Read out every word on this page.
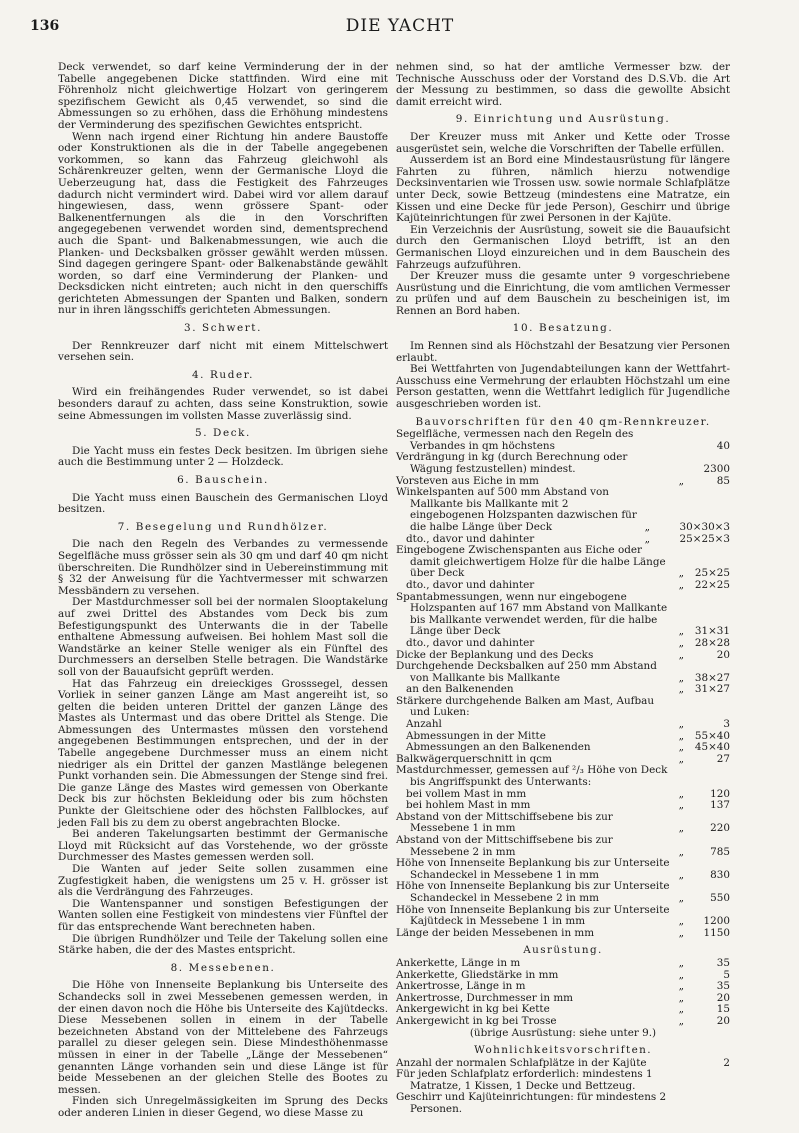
136	DIE YACHT

Deck verwendet, so darf keine Verminderung der in der Tabelle angegebenen Dicke stattfinden. Wird eine mit Föhrenholz nicht gleichwertige Holzart von geringerem spezifischem Gewicht als 0,45 verwendet, so sind die Abmessungen so zu erhöhen, dass die Erhöhung mindestens der Verminderung des spezifischen Gewichtes entspricht.

Wenn nach irgend einer Richtung hin andere Baustoffe oder Konstruktionen als die in der Tabelle angegebenen vorkommen, so kann das Fahrzeug gleichwohl als Schärenkreuzer gelten, wenn der Germanische Lloyd die Ueberzeugung hat, dass die Festigkeit des Fahrzeuges dadurch nicht vermindert wird. Dabei wird vor allem darauf hingewiesen, dass, wenn grössere Spant- oder Balkenentfernungen als die in den Vorschriften angegegebenen verwendet worden sind, dementsprechend auch die Spant- und Balkenabmessungen, wie auch die Planken- und Decksbalken grösser gewählt werden müssen. Sind dagegen geringere Spant- oder Balkenabstände gewählt worden, so darf eine Verminderung der Planken- und Decksdicken nicht eintreten; auch nicht in den querschiffs gerichteten Abmessungen der Spanten und Balken, sondern nur in ihren längsschiffs gerichteten Abmessungen.

3. Schwert.

Der Rennkreuzer darf nicht mit einem Mittelschwert versehen sein.

4. Ruder.

Wird ein freihängendes Ruder verwendet, so ist dabei besonders darauf zu achten, dass seine Konstruktion, sowie seine Abmessungen im vollsten Masse zuverlässig sind.

5. Deck.

Die Yacht muss ein festes Deck besitzen. Im übrigen siehe auch die Bestimmung unter 2 — Holzdeck.

6. Bauschein.

Die Yacht muss einen Bauschein des Germanischen Lloyd besitzen.

7. Besegelung und Rundhölzer.

Die nach den Regeln des Verbandes zu vermessende Segelfläche muss grösser sein als 30 qm und darf 40 qm nicht überschreiten. Die Rundhölzer sind in Uebereinstimmung mit § 32 der Anweisung für die Yachtvermesser mit schwarzen Messbändern zu versehen.

Der Mastdurchmesser soll bei der normalen Slooptakelung auf zwei Drittel des Abstandes vom Deck bis zum Befestigungspunkt des Unterwants die in der Tabelle enthaltene Abmessung aufweisen. Bei hohlem Mast soll die Wandstärke an keiner Stelle weniger als ein Fünftel des Durchmessers an derselben Stelle betragen. Die Wandstärke soll von der Bauaufsicht geprüft werden.

Hat das Fahrzeug ein dreieckiges Grosssegel, dessen Vorliek in seiner ganzen Länge am Mast angereiht ist, so gelten die beiden unteren Drittel der ganzen Länge des Mastes als Untermast und das obere Drittel als Stenge. Die Abmessungen des Untermastes müssen den vorstehend angegebenen Bestimmungen entsprechen, und der in der Tabelle angegebene Durchmesser muss an einem nicht niedriger als ein Drittel der ganzen Mastlänge belegenen Punkt vorhanden sein. Die Abmessungen der Stenge sind frei. Die ganze Länge des Mastes wird gemessen von Oberkante Deck bis zur höchsten Bekleidung oder bis zum höchsten Punkte der Gleitschiene oder des höchsten Fallblockes, auf jeden Fall bis zu dem zu oberst angebrachten Blocke.

Bei anderen Takelungsarten bestimmt der Germanische Lloyd mit Rücksicht auf das Vorstehende, wo der grösste Durchmesser des Mastes gemessen werden soll.

Die Wanten auf jeder Seite sollen zusammen eine Zugfestigkeit haben, die wenigstens um 25 v. H. grösser ist als die Verdrängung des Fahrzeuges.

Die Wantenspanner und sonstigen Befestigungen der Wanten sollen eine Festigkeit von mindestens vier Fünftel der für das entsprechende Want berechneten haben.

Die übrigen Rundhölzer und Teile der Takelung sollen eine Stärke haben, die der des Mastes entspricht.

8. Messebenen.

Die Höhe von Innenseite Beplankung bis Unterseite des Schandecks soll in zwei Messebenen gemessen werden, in der einen davon noch die Höhe bis Unterseite des Kajütdecks. Diese Messebenen sollen in einem in der Tabelle bezeichneten Abstand von der Mittelebene des Fahrzeugs parallel zu dieser gelegen sein. Diese Mindesthöhenmasse müssen in einer in der Tabelle „Länge der Messebenen“ genannten Länge vorhanden sein und diese Länge ist für beide Messebenen an der gleichen Stelle des Bootes zu messen.

Finden sich Unregelmässigkeiten im Sprung des Decks oder anderen Linien in dieser Gegend, wo diese Masse zu

nehmen sind, so hat der amtliche Vermesser bzw. der Technische Ausschuss oder der Vorstand des D.S.Vb. die Art der Messung zu bestimmen, so dass die gewollte Absicht damit erreicht wird.

9. Einrichtung und Ausrüstung.

Der Kreuzer muss mit Anker und Kette oder Trosse ausgerüstet sein, welche die Vorschriften der Tabelle erfüllen.

Ausserdem ist an Bord eine Mindestausrüstung für längere Fahrten zu führen, nämlich hierzu notwendige Decksinventarien wie Trossen usw. sowie normale Schlafplätze unter Deck, sowie Bettzeug (mindestens eine Matratze, ein Kissen und eine Decke für jede Person), Geschirr und übrige Kajüteinrichtungen für zwei Personen in der Kajüte.

Ein Verzeichnis der Ausrüstung, soweit sie die Bauaufsicht durch den Germanischen Lloyd betrifft, ist an den Germanischen Lloyd einzureichen und in dem Bauschein des Fahrzeugs aufzuführen.

Der Kreuzer muss die gesamte unter 9 vorgeschriebene Ausrüstung und die Einrichtung, die vom amtlichen Vermesser zu prüfen und auf dem Bauschein zu bescheinigen ist, im Rennen an Bord haben.

10. Besatzung.

Im Rennen sind als Höchstzahl der Besatzung vier Personen erlaubt.

Bei Wettfahrten von Jugendabteilungen kann der Wettfahrt-Ausschuss eine Vermehrung der erlaubten Höchstzahl um eine Person gestatten, wenn die Wettfahrt lediglich für Jugendliche ausgeschrieben worden ist.

Bauvorschriften für den 40 qm-Rennkreuzer.
Segelfläche, vermessen nach den Regeln des Verbandes in qm höchstens	40
Verdrängung in kg (durch Berechnung oder Wägung festzustellen) mindest.	2300
Vorsteven aus Eiche in mm	„	85
Winkelspanten auf 500 mm Abstand von Mallkante bis Mallkante mit 2 eingebogenen Holzspanten dazwischen für die halbe Länge über Deck	„	30×30×3
dto., davor und dahinter	„	25×25×3
Eingebogene Zwischenspanten aus Eiche oder damit gleichwertigem Holze für die halbe Länge über Deck	„	25×25
dto., davor und dahinter	„	22×25
Spantabmessungen, wenn nur eingebogene Holzspanten auf 167 mm Abstand von Mallkante bis Mallkante verwendet werden, für die halbe Länge über Deck	„	31×31
dto., davor und dahinter	„	28×28
Dicke der Beplankung und des Decks	„	20
Durchgehende Decksbalken auf 250 mm Abstand von Mallkante bis Mallkante	„	38×27
an den Balkenenden	„	31×27
Stärkere durchgehende Balken am Mast, Aufbau und Luken:
Anzahl	„	3
Abmessungen in der Mitte	„	55×40
Abmessungen an den Balkenenden	„	45×40
Balkwägerquerschnitt in qcm	„	27
Mastdurchmesser, gemessen auf ²/₃ Höhe von Deck bis Angriffspunkt des Unterwants:
bei vollem Mast in mm	„	120
bei hohlem Mast in mm	„	137
Abstand von der Mittschiffsebene bis zur Messebene 1 in mm	„	220
Abstand von der Mittschiffsebene bis zur Messebene 2 in mm	„	785
Höhe von Innenseite Beplankung bis zur Unterseite Schandeckel in Messebene 1 in mm	„	830
Höhe von Innenseite Beplankung bis zur Unterseite Schandeckel in Messebene 2 in mm	„	550
Höhe von Innenseite Beplankung bis zur Unterseite Kajütdeck in Messebene 1 in mm	„	1200
Länge der beiden Messebenen in mm	„	1150
Ausrüstung.
Ankerkette, Länge in m	„	35
Ankerkette, Gliedstärke in mm	„	5
Ankertrosse, Länge in m	„	35
Ankertrosse, Durchmesser in mm	„	20
Ankergewicht in kg bei Kette	„	15
Ankergewicht in kg bei Trosse	„	20
(übrige Ausrüstung: siehe unter 9.)
Wohnlichkeitsvorschriften.
Anzahl der normalen Schlafplätze in der Kajüte	2
Für jeden Schlafplatz erforderlich: mindestens 1 Matratze, 1 Kissen, 1 Decke und Bettzeug.
Geschirr und Kajüteinrichtungen: für mindestens 2 Personen.
